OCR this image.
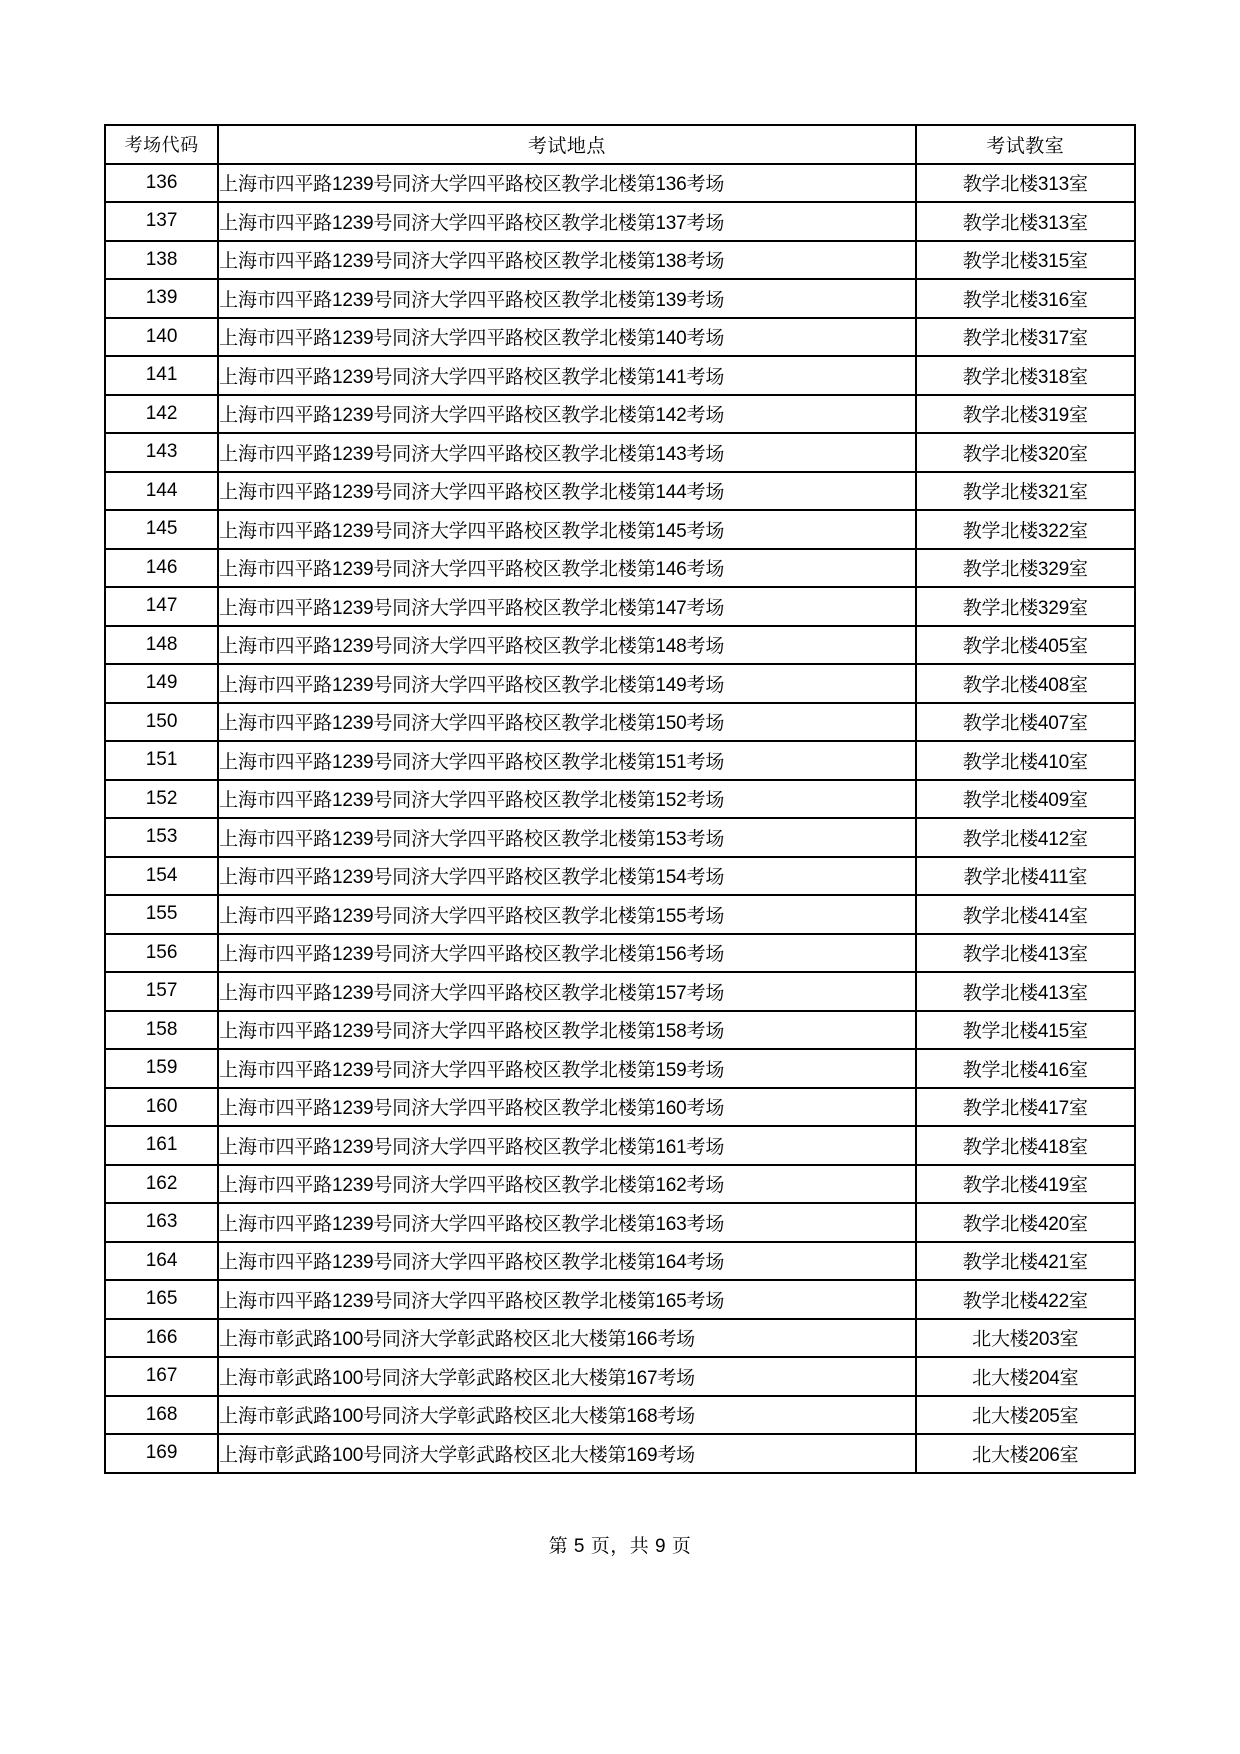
考场代码	考试地点	考试教室
136	上海市四平路1239号同济大学四平路校区教学北楼第136考场	教学北楼313室
137	上海市四平路1239号同济大学四平路校区教学北楼第137考场	教学北楼313室
138	上海市四平路1239号同济大学四平路校区教学北楼第138考场	教学北楼315室
139	上海市四平路1239号同济大学四平路校区教学北楼第139考场	教学北楼316室
140	上海市四平路1239号同济大学四平路校区教学北楼第140考场	教学北楼317室
141	上海市四平路1239号同济大学四平路校区教学北楼第141考场	教学北楼318室
142	上海市四平路1239号同济大学四平路校区教学北楼第142考场	教学北楼319室
143	上海市四平路1239号同济大学四平路校区教学北楼第143考场	教学北楼320室
144	上海市四平路1239号同济大学四平路校区教学北楼第144考场	教学北楼321室
145	上海市四平路1239号同济大学四平路校区教学北楼第145考场	教学北楼322室
146	上海市四平路1239号同济大学四平路校区教学北楼第146考场	教学北楼329室
147	上海市四平路1239号同济大学四平路校区教学北楼第147考场	教学北楼329室
148	上海市四平路1239号同济大学四平路校区教学北楼第148考场	教学北楼405室
149	上海市四平路1239号同济大学四平路校区教学北楼第149考场	教学北楼408室
150	上海市四平路1239号同济大学四平路校区教学北楼第150考场	教学北楼407室
151	上海市四平路1239号同济大学四平路校区教学北楼第151考场	教学北楼410室
152	上海市四平路1239号同济大学四平路校区教学北楼第152考场	教学北楼409室
153	上海市四平路1239号同济大学四平路校区教学北楼第153考场	教学北楼412室
154	上海市四平路1239号同济大学四平路校区教学北楼第154考场	教学北楼411室
155	上海市四平路1239号同济大学四平路校区教学北楼第155考场	教学北楼414室
156	上海市四平路1239号同济大学四平路校区教学北楼第156考场	教学北楼413室
157	上海市四平路1239号同济大学四平路校区教学北楼第157考场	教学北楼413室
158	上海市四平路1239号同济大学四平路校区教学北楼第158考场	教学北楼415室
159	上海市四平路1239号同济大学四平路校区教学北楼第159考场	教学北楼416室
160	上海市四平路1239号同济大学四平路校区教学北楼第160考场	教学北楼417室
161	上海市四平路1239号同济大学四平路校区教学北楼第161考场	教学北楼418室
162	上海市四平路1239号同济大学四平路校区教学北楼第162考场	教学北楼419室
163	上海市四平路1239号同济大学四平路校区教学北楼第163考场	教学北楼420室
164	上海市四平路1239号同济大学四平路校区教学北楼第164考场	教学北楼421室
165	上海市四平路1239号同济大学四平路校区教学北楼第165考场	教学北楼422室
166	上海市彰武路100号同济大学彰武路校区北大楼第166考场	北大楼203室
167	上海市彰武路100号同济大学彰武路校区北大楼第167考场	北大楼204室
168	上海市彰武路100号同济大学彰武路校区北大楼第168考场	北大楼205室
169	上海市彰武路100号同济大学彰武路校区北大楼第169考场	北大楼206室
第 5 页，共 9 页
